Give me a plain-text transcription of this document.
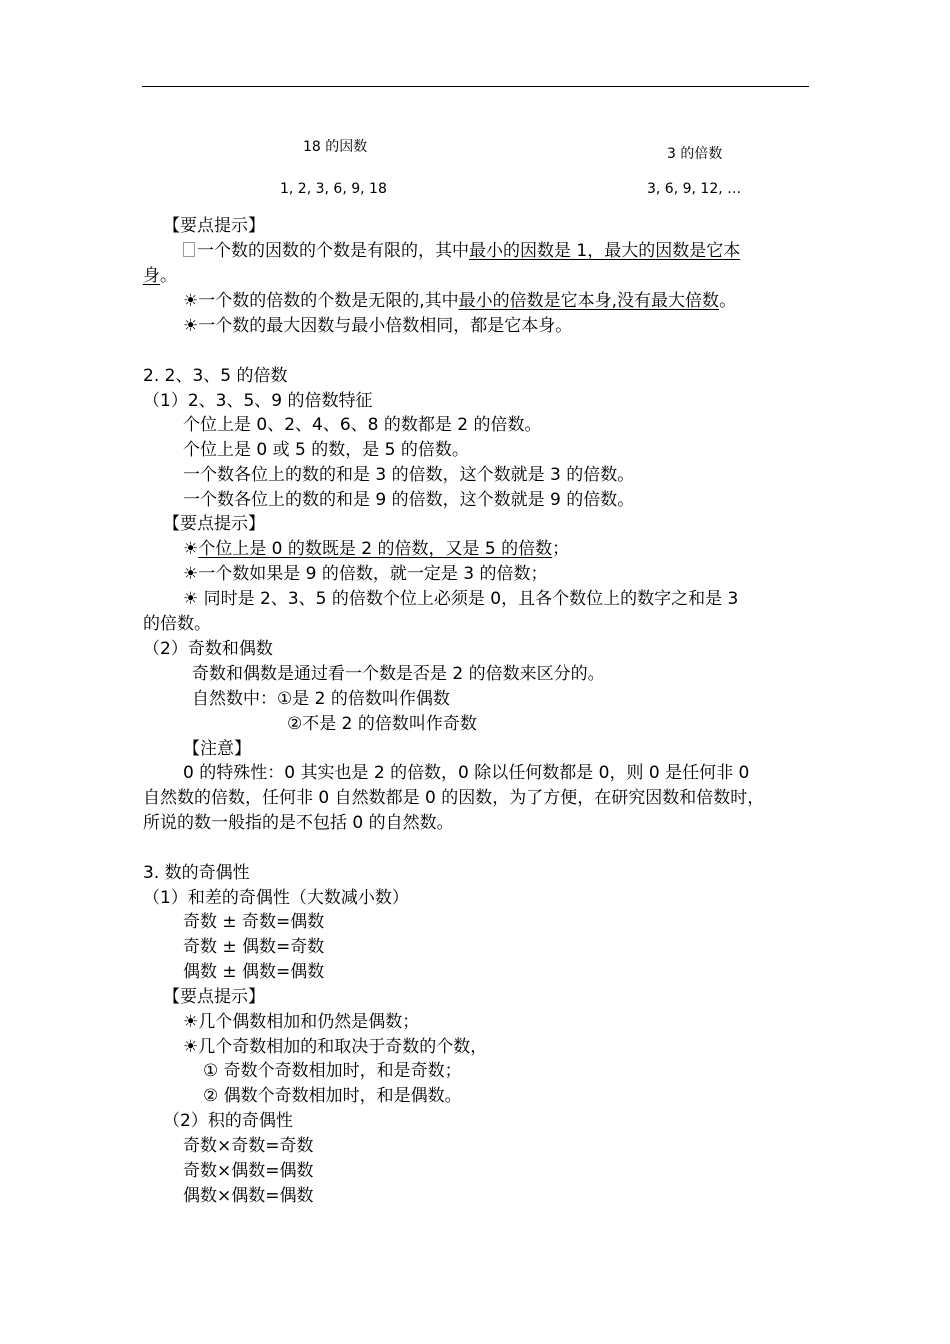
18 的因数
1, 2, 3, 6, 9, 18
3 的倍数
3, 6, 9, 12, …
【要点提示】
一个数的因数的个数是有限的，其中最小的因数是 1，最大的因数是它本
身。
☀一个数的倍数的个数是无限的,其中最小的倍数是它本身,没有最大倍数。
☀一个数的最大因数与最小倍数相同，都是它本身。
2. 2、3、5 的倍数
（1）2、3、5、9 的倍数特征
个位上是 0、2、4、6、8 的数都是 2 的倍数。
个位上是 0 或 5 的数，是 5 的倍数。
一个数各位上的数的和是 3 的倍数，这个数就是 3 的倍数。
一个数各位上的数的和是 9 的倍数，这个数就是 9 的倍数。
【要点提示】
☀个位上是 0 的数既是 2 的倍数，又是 5 的倍数；
☀一个数如果是 9 的倍数，就一定是 3 的倍数；
☀ 同时是 2、3、5 的倍数个位上必须是 0，且各个数位上的数字之和是 3
的倍数。
（2）奇数和偶数
奇数和偶数是通过看一个数是否是 2 的倍数来区分的。
自然数中：①是 2 的倍数叫作偶数
②不是 2 的倍数叫作奇数
【注意】
0 的特殊性：0 其实也是 2 的倍数，0 除以任何数都是 0，则 0 是任何非 0
自然数的倍数，任何非 0 自然数都是 0 的因数，为了方便，在研究因数和倍数时，
所说的数一般指的是不包括 0 的自然数。
3. 数的奇偶性
（1）和差的奇偶性（大数减小数）
奇数 ± 奇数=偶数
奇数 ± 偶数=奇数
偶数 ± 偶数=偶数
【要点提示】
☀几个偶数相加和仍然是偶数；
☀几个奇数相加的和取决于奇数的个数，
① 奇数个奇数相加时，和是奇数；
② 偶数个奇数相加时，和是偶数。
（2）积的奇偶性
奇数×奇数=奇数
奇数×偶数=偶数
偶数×偶数=偶数
